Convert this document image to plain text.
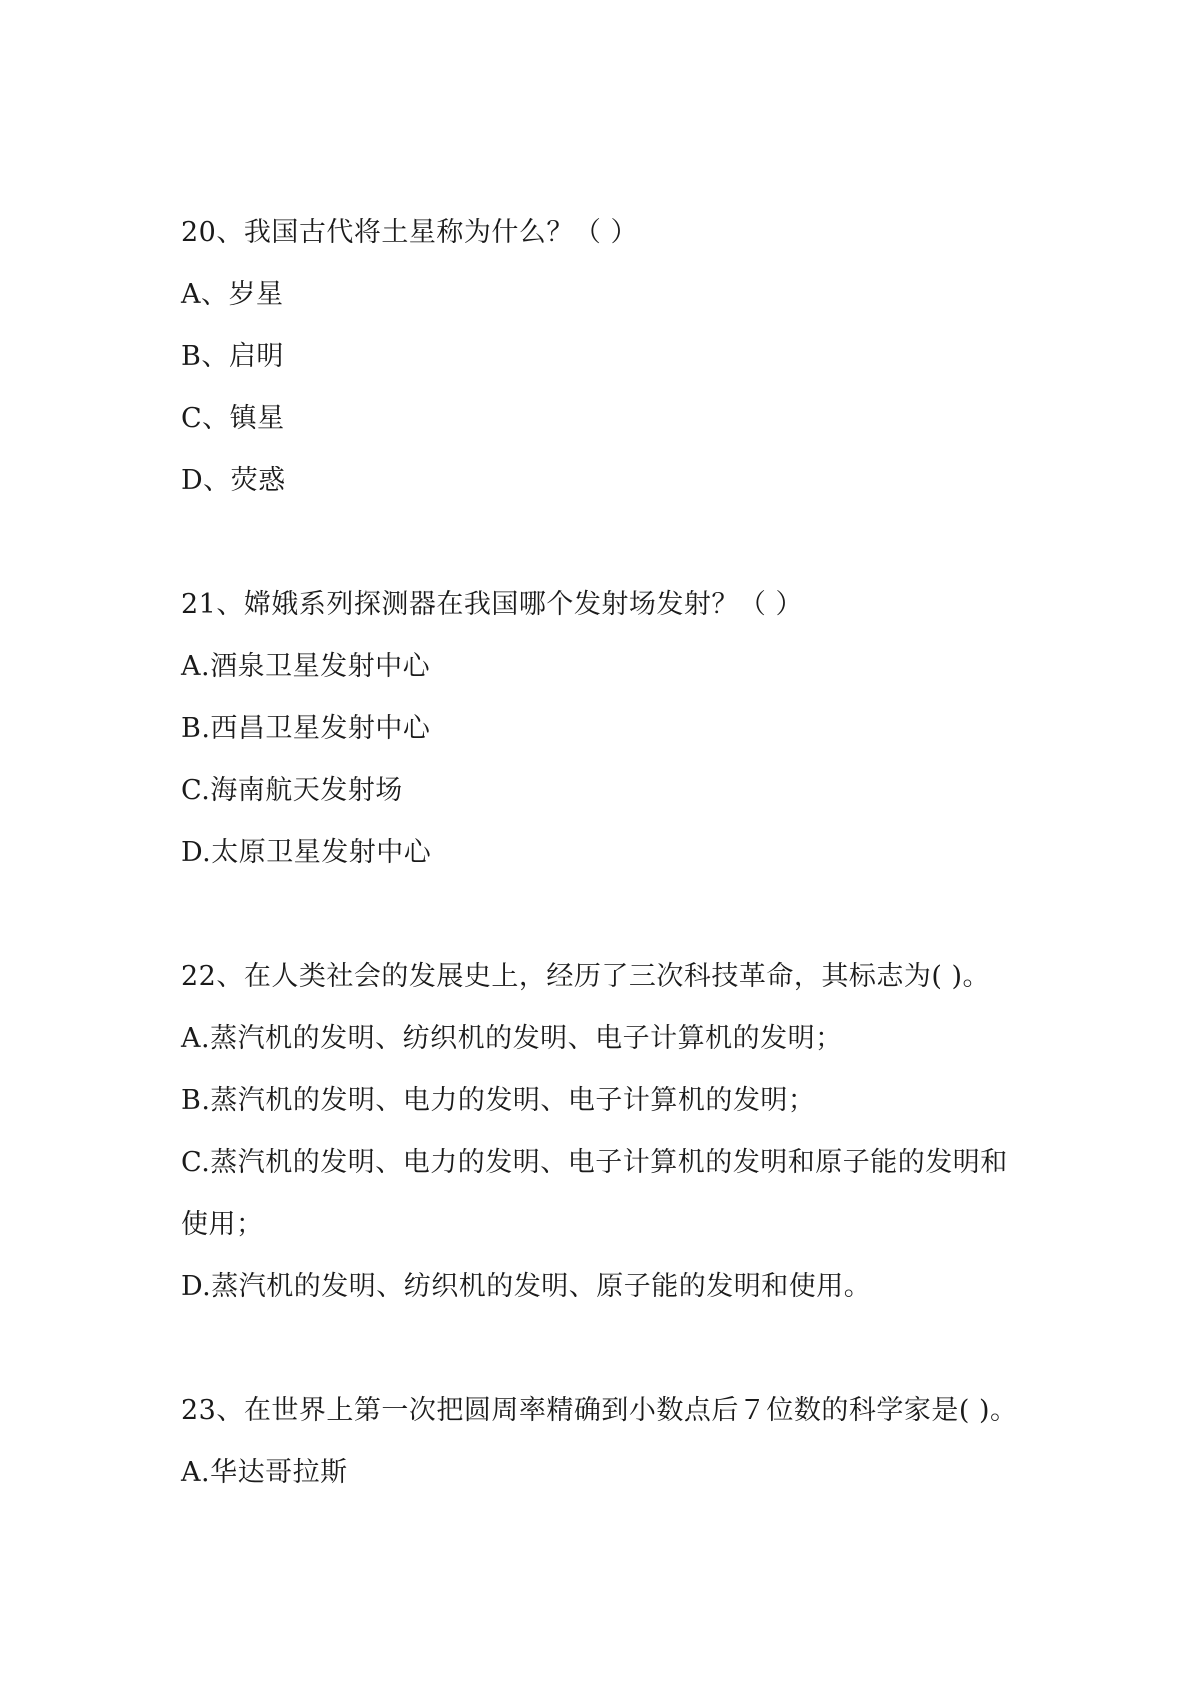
20、我国古代将土星称为什么？（ ）
A、岁星
B、启明
C、镇星
D、荧惑
21、嫦娥系列探测器在我国哪个发射场发射？（ ）
A.酒泉卫星发射中心
B.西昌卫星发射中心
C.海南航天发射场
D.太原卫星发射中心
22、在人类社会的发展史上，经历了三次科技革命，其标志为( )。
A.蒸汽机的发明、纺织机的发明、电子计算机的发明；
B.蒸汽机的发明、电力的发明、电子计算机的发明；
C.蒸汽机的发明、电力的发明、电子计算机的发明和原子能的发明和
使用；
D.蒸汽机的发明、纺织机的发明、原子能的发明和使用。
23、在世界上第一次把圆周率精确到小数点后７位数的科学家是( )。
A.华达哥拉斯
